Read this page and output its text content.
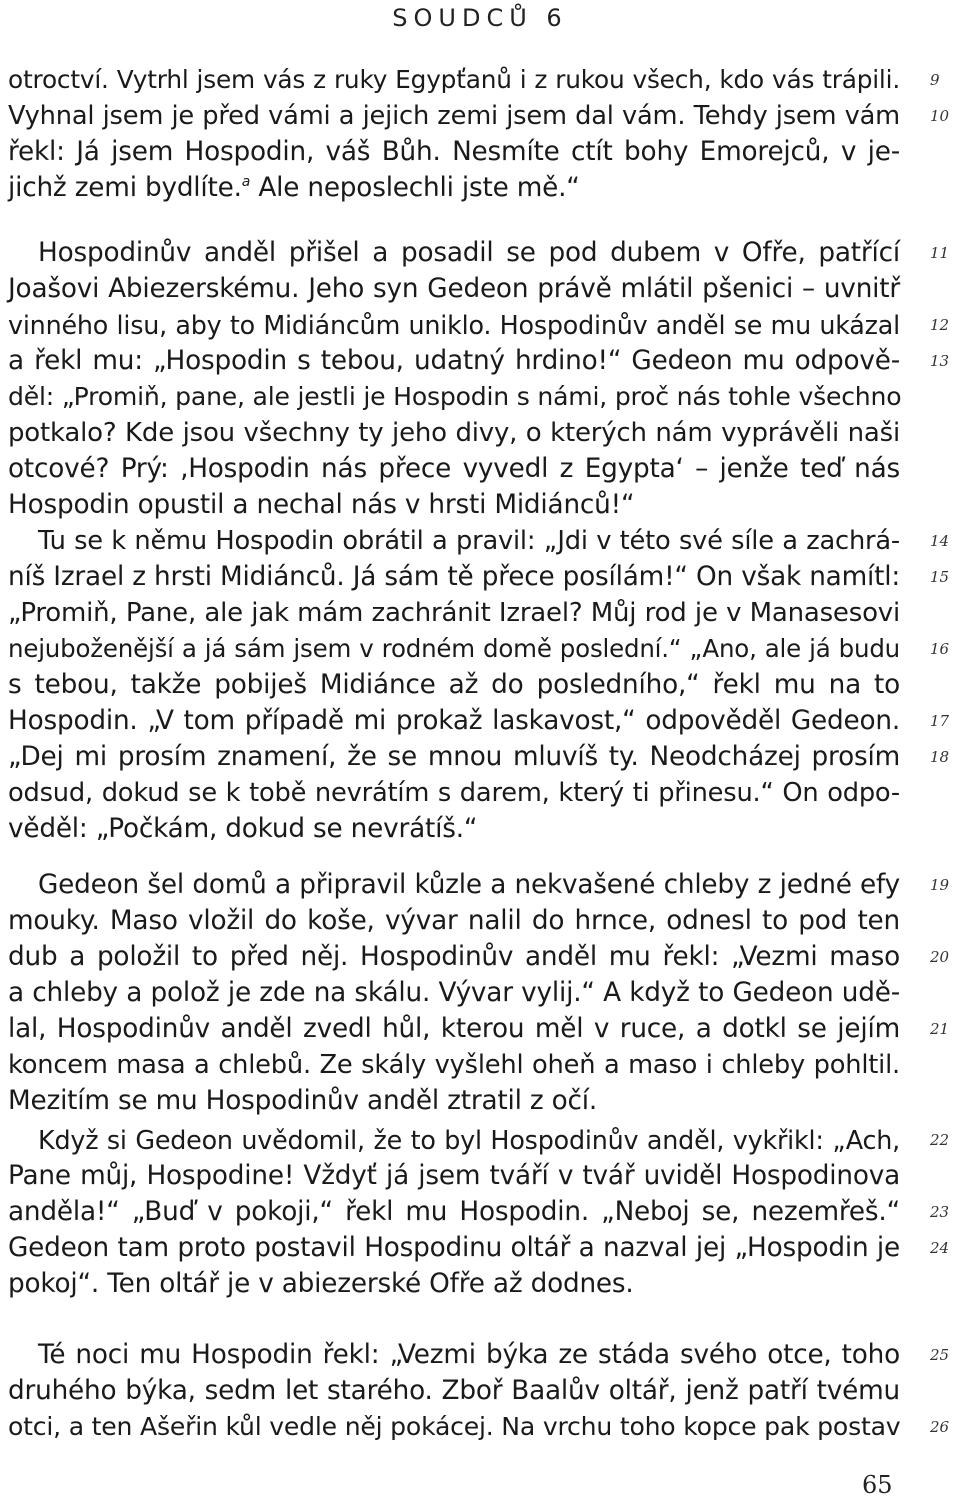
SOUDCŮ 6
otroctví. Vytrhl jsem vás z ruky Egypťanů i z rukou všech, kdo vás trápili. 9
Vyhnal jsem je před vámi a jejich zemi jsem dal vám. Tehdy jsem vám 10
řekl: Já jsem Hospodin, váš Bůh. Nesmíte ctít bohy Emorejců, v je-
jichž zemi bydlíte.$^a$ Ale neposlechli jste mě.“
Hospodinův anděl přišel a posadil se pod dubem v Ofře, patřící 11
Joašovi Abiezerskému. Jeho syn Gedeon právě mlátil pšenici – uvnitř
vinného lisu, aby to Midiáncům uniklo. Hospodinův anděl se mu ukázal 12
a řekl mu: „Hospodin s tebou, udatný hrdino!“ Gedeon mu odpově- 13
děl: „Promiň, pane, ale jestli je Hospodin s námi, proč nás tohle všechno
potkalo? Kde jsou všechny ty jeho divy, o kterých nám vyprávěli naši
otcové? Prý: ‚Hospodin nás přece vyvedl z Egypta‘ – jenže teď nás
Hospodin opustil a nechal nás v hrsti Midiánců!“
Tu se k němu Hospodin obrátil a pravil: „Jdi v této své síle a zachrá- 14
níš Izrael z hrsti Midiánců. Já sám tě přece posílám!“ On však namítl: 15
„Promiň, Pane, ale jak mám zachránit Izrael? Můj rod je v Manasesovi
nejuboženější a já sám jsem v rodném domě poslední.“ „Ano, ale já budu 16
s tebou, takže pobiješ Midiánce až do posledního,“ řekl mu na to
Hospodin. „V tom případě mi prokaž laskavost,“ odpověděl Gedeon. 17
„Dej mi prosím znamení, že se mnou mluvíš ty. Neodcházej prosím 18
odsud, dokud se k tobě nevrátím s darem, který ti přinesu.“ On odpo-
věděl: „Počkám, dokud se nevrátíš.“
Gedeon šel domů a připravil kůzle a nekvašené chleby z jedné efy 19
mouky. Maso vložil do koše, vývar nalil do hrnce, odnesl to pod ten
dub a položil to před něj. Hospodinův anděl mu řekl: „Vezmi maso 20
a chleby a polož je zde na skálu. Vývar vylij.“ A když to Gedeon udě-
lal, Hospodinův anděl zvedl hůl, kterou měl v ruce, a dotkl se jejím 21
koncem masa a chlebů. Ze skály vyšlehl oheň a maso i chleby pohltil.
Mezitím se mu Hospodinův anděl ztratil z očí.
Když si Gedeon uvědomil, že to byl Hospodinův anděl, vykřikl: „Ach, 22
Pane můj, Hospodine! Vždyť já jsem tváří v tvář uviděl Hospodinova
anděla!“ „Buď v pokoji,“ řekl mu Hospodin. „Neboj se, nezemřeš.“ 23
Gedeon tam proto postavil Hospodinu oltář a nazval jej „Hospodin je 24
pokoj“. Ten oltář je v abiezerské Ofře až dodnes.
Té noci mu Hospodin řekl: „Vezmi býka ze stáda svého otce, toho 25
druhého býka, sedm let starého. Zboř Baalův oltář, jenž patří tvému
otci, a ten Ašeřin kůl vedle něj pokácej. Na vrchu toho kopce pak postav 26
65
